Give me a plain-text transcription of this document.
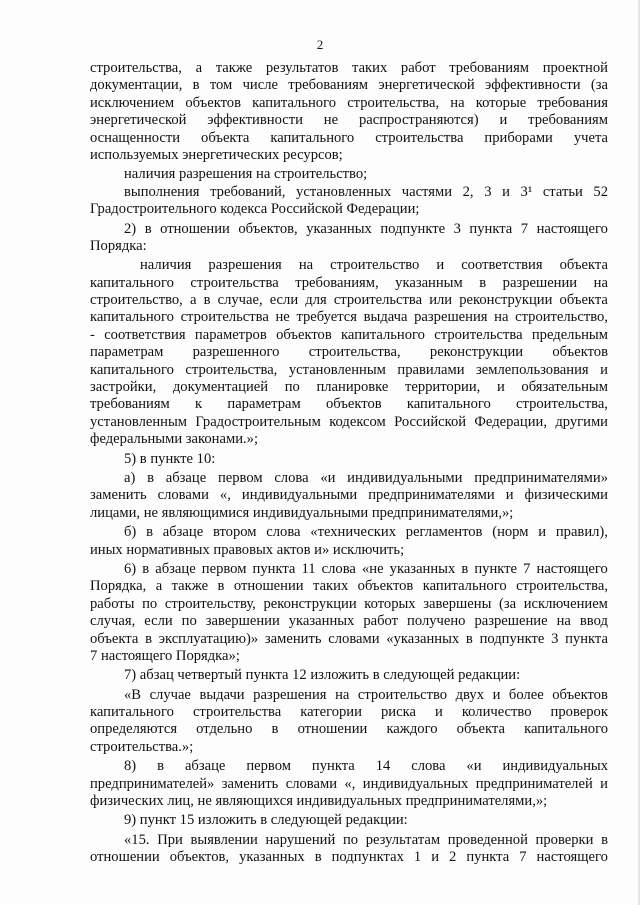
2
строительства, а также результатов таких работ требованиям проектной
документации, в том числе требованиям энергетической эффективности (за
исключением объектов капитального строительства, на которые требования
энергетической эффективности не распространяются) и требованиям
оснащенности объекта капитального строительства приборами учета
используемых энергетических ресурсов;
наличия разрешения на строительство;
выполнения требований, установленных частями 2, 3 и 3¹ статьи 52
Градостроительного кодекса Российской Федерации;
2) в отношении объектов, указанных подпункте 3 пункта 7 настоящего
Порядка:
наличия разрешения на строительство и соответствия объекта
капитального строительства требованиям, указанным в разрешении на
строительство, а в случае, если для строительства или реконструкции объекта
капитального строительства не требуется выдача разрешения на строительство,
- соответствия параметров объектов капитального строительства предельным
параметрам разрешенного строительства, реконструкции объектов
капитального строительства, установленным правилами землепользования и
застройки, документацией по планировке территории, и обязательным
требованиям к параметрам объектов капитального строительства,
установленным Градостроительным кодексом Российской Федерации, другими
федеральными законами.»;
5) в пункте 10:
а) в абзаце первом слова «и индивидуальными предпринимателями»
заменить словами «, индивидуальными предпринимателями и физическими
лицами, не являющимися индивидуальными предпринимателями,»;
б) в абзаце втором слова «технических регламентов (норм и правил),
иных нормативных правовых актов и» исключить;
6) в абзаце первом пункта 11 слова «не указанных в пункте 7 настоящего
Порядка, а также в отношении таких объектов капитального строительства,
работы по строительству, реконструкции которых завершены (за исключением
случая, если по завершении указанных работ получено разрешение на ввод
объекта в эксплуатацию)» заменить словами «указанных в подпункте 3 пункта
7 настоящего Порядка»;
7) абзац четвертый пункта 12 изложить в следующей редакции:
«В случае выдачи разрешения на строительство двух и более объектов
капитального строительства категории риска и количество проверок
определяются отдельно в отношении каждого объекта капитального
строительства.»;
8) в абзаце первом пункта 14 слова «и индивидуальных
предпринимателей» заменить словами «, индивидуальных предпринимателей и
физических лиц, не являющихся индивидуальных предпринимателями,»;
9) пункт 15 изложить в следующей редакции:
«15. При выявлении нарушений по результатам проведенной проверки в
отношении объектов, указанных в подпунктах 1 и 2 пункта 7 настоящего
